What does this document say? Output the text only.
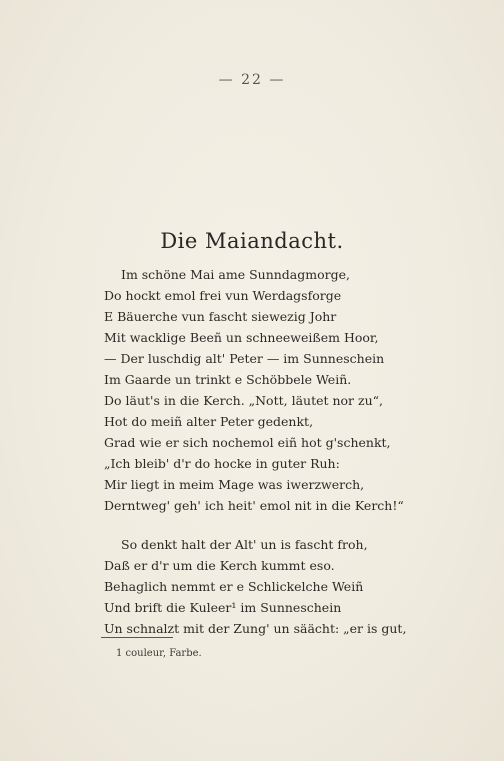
— 22 —
Die Maiandacht.
Im schöne Mai ame Sunndagmorge,
Do hockt emol frei vun Werdagsforge
E Bäuerche vun fascht siewezig Johr
Mit wacklige Beeñ un schneeweißem Hoor,
— Der luschdig alt' Peter — im Sunneschein
Im Gaarde un trinkt e Schöbbele Weiñ.
Do läut's in die Kerch. „Nott, läutet nor zu“,
Hot do meiñ alter Peter gedenkt,
Grad wie er sich nochemol eiñ hot g'schenkt,
„Ich bleib' d'r do hocke in guter Ruh:
Mir liegt in meim Mage was iwerzwerch,
Derntweg' geh' ich heit' emol nit in die Kerch!“
So denkt halt der Alt' un is fascht froh,
Daß er d'r um die Kerch kummt eso.
Behaglich nemmt er e Schlickelche Weiñ
Und brift die Kuleer¹ im Sunneschein
Un schnalzt mit der Zung' un säächt: „er is gut,
1 couleur, Farbe.
